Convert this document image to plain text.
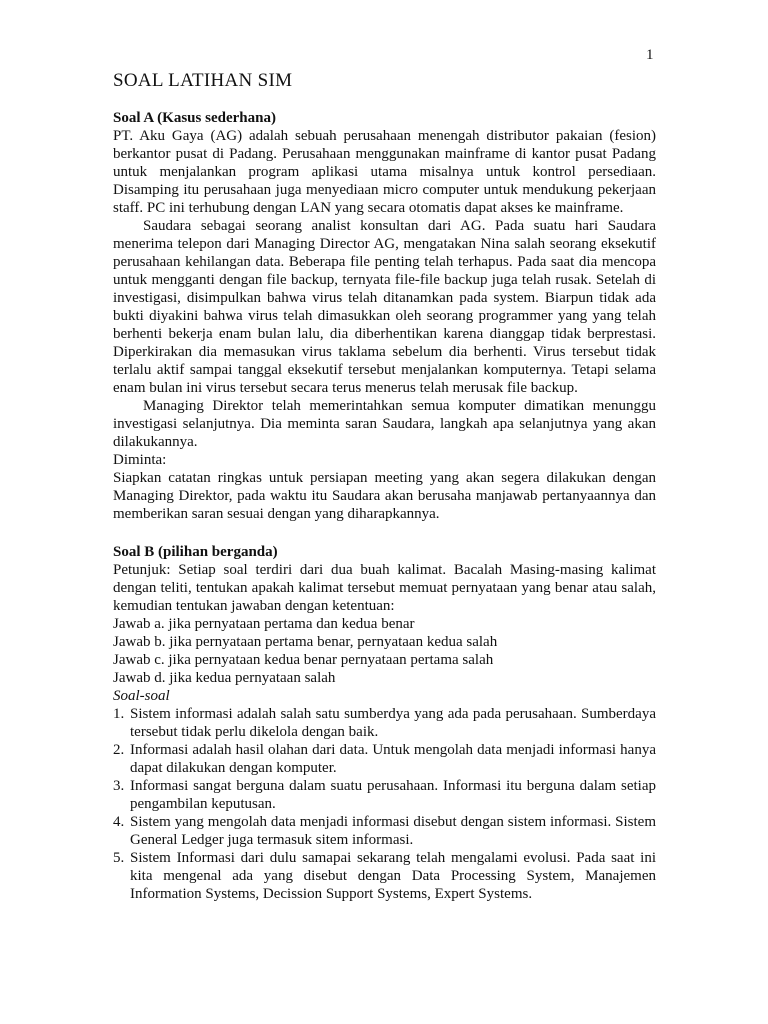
1
SOAL LATIHAN SIM

Soal A (Kasus sederhana)

PT. Aku Gaya (AG) adalah sebuah perusahaan menengah distributor pakaian (fesion) berkantor pusat di Padang. Perusahaan menggunakan mainframe di kantor pusat Padang untuk menjalankan program aplikasi utama misalnya untuk kontrol persediaan. Disamping itu perusahaan juga menyediaan micro computer untuk mendukung pekerjaan staff. PC ini terhubung dengan LAN yang secara otomatis dapat akses ke mainframe.

Saudara sebagai seorang analist konsultan dari AG. Pada suatu hari Saudara menerima telepon dari Managing Director AG, mengatakan Nina salah seorang eksekutif perusahaan kehilangan data. Beberapa file penting telah terhapus. Pada saat dia mencopa untuk mengganti dengan file backup, ternyata file-file backup juga telah rusak. Setelah di investigasi, disimpulkan bahwa virus telah ditanamkan pada system. Biarpun tidak ada bukti diyakini bahwa virus telah dimasukkan oleh seorang programmer yang yang telah berhenti bekerja enam bulan lalu, dia diberhentikan karena dianggap tidak berprestasi. Diperkirakan dia memasukan virus taklama sebelum dia berhenti. Virus tersebut tidak terlalu aktif sampai tanggal eksekutif tersebut menjalankan komputernya. Tetapi selama enam bulan ini virus tersebut secara terus menerus telah merusak file backup.

Managing Direktor telah memerintahkan semua komputer dimatikan menunggu investigasi selanjutnya. Dia meminta saran Saudara, langkah apa selanjutnya yang akan dilakukannya.

Diminta:

Siapkan catatan ringkas untuk persiapan meeting yang akan segera dilakukan dengan Managing Direktor, pada waktu itu Saudara akan berusaha manjawab pertanyaannya dan memberikan saran sesuai dengan yang diharapkannya.

Soal B (pilihan berganda)

Petunjuk: Setiap soal terdiri dari dua buah kalimat. Bacalah Masing-masing kalimat dengan teliti, tentukan apakah kalimat tersebut memuat pernyataan yang benar atau salah, kemudian tentukan jawaban dengan ketentuan:

Jawab a. jika pernyataan pertama dan kedua benar

Jawab b. jika pernyataan pertama benar, pernyataan kedua salah

Jawab c. jika pernyataan kedua benar pernyataan pertama salah

Jawab d. jika kedua pernyataan salah

Soal-soal

1. Sistem informasi adalah salah satu sumberdya yang ada pada perusahaan. Sumberdaya tersebut tidak perlu dikelola dengan baik.
2. Informasi adalah hasil olahan dari data. Untuk mengolah data menjadi informasi hanya dapat dilakukan dengan komputer.
3. Informasi sangat berguna dalam suatu perusahaan. Informasi itu berguna dalam setiap pengambilan keputusan.
4. Sistem yang mengolah data menjadi informasi disebut dengan sistem informasi. Sistem General Ledger juga termasuk sitem informasi.
5. Sistem Informasi dari dulu samapai sekarang telah mengalami evolusi. Pada saat ini kita mengenal ada yang disebut dengan Data Processing System, Manajemen Information Systems, Decission Support Systems, Expert Systems.
